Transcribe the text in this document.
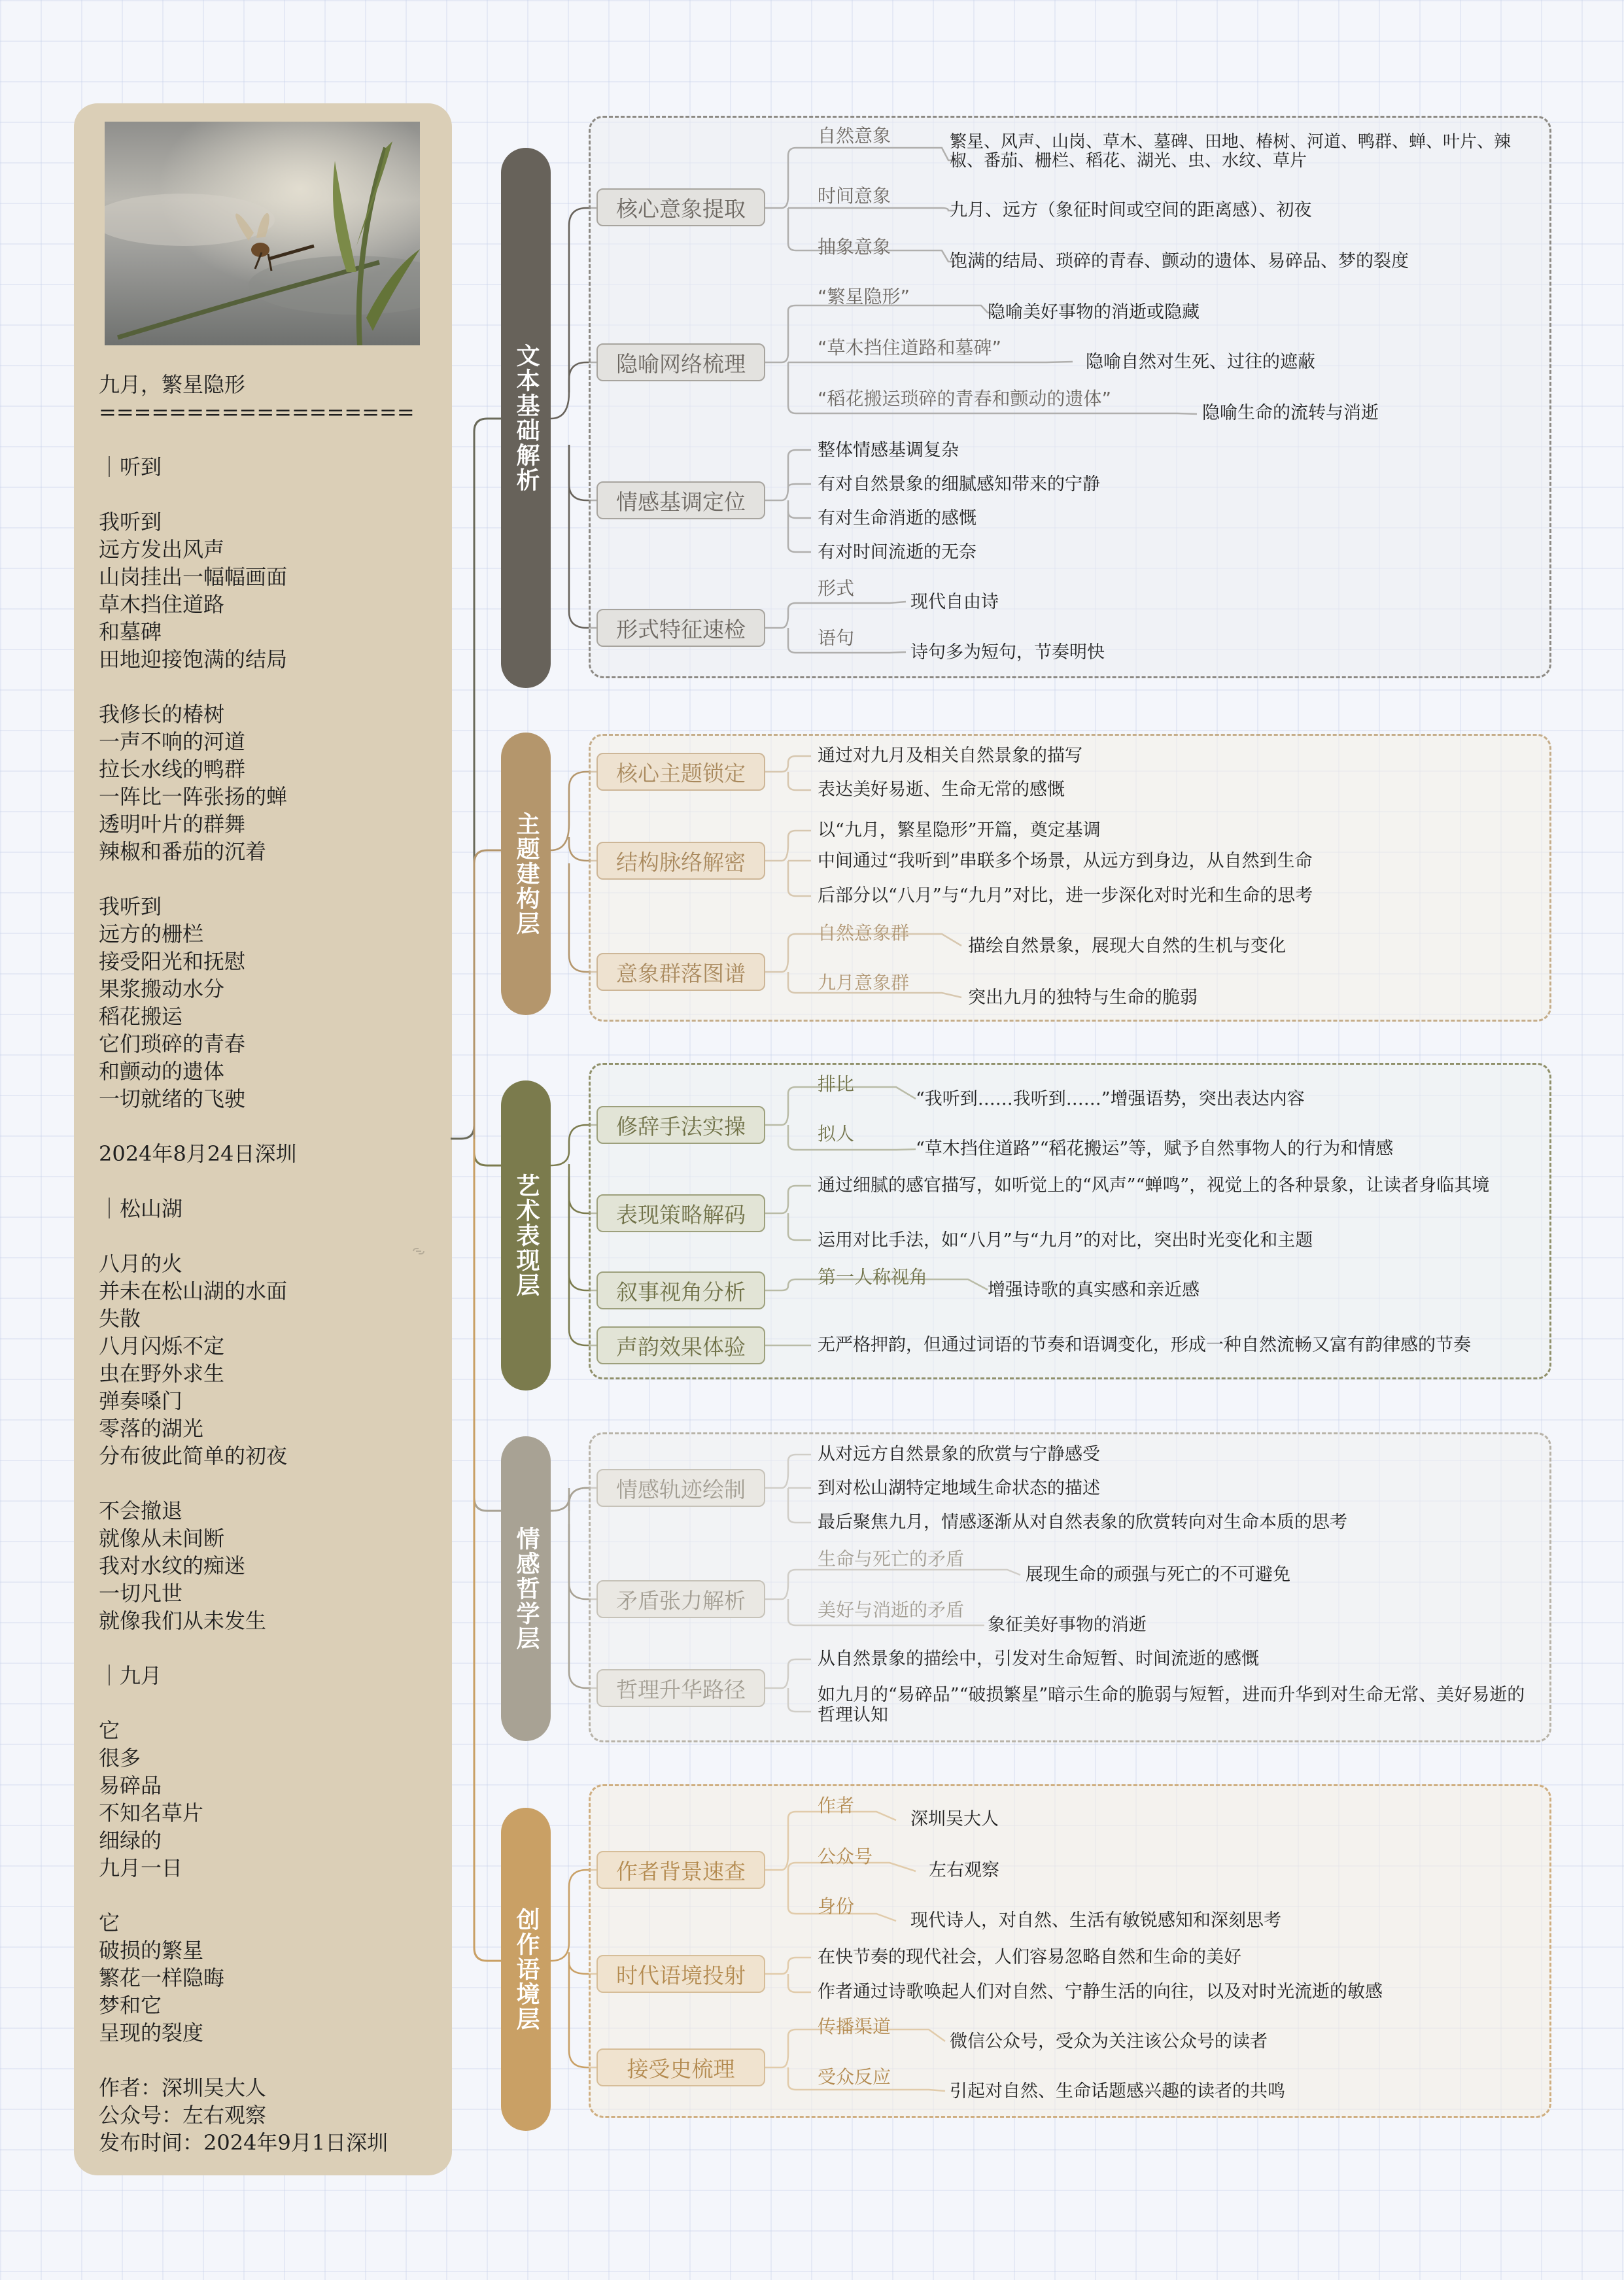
九月，繁星隐形
==================

｜听到

我听到
远方发出风声
山岗挂出一幅幅画面
草木挡住道路
和墓碑
田地迎接饱满的结局

我修长的椿树
一声不响的河道
拉长水线的鸭群
一阵比一阵张扬的蝉
透明叶片的群舞
辣椒和番茄的沉着

我听到
远方的栅栏
接受阳光和抚慰
果浆搬动水分
稻花搬运
它们琐碎的青春
和颤动的遗体
一切就绪的飞驶

2024年8月24日深圳

｜松山湖

八月的火
并未在松山湖的水面
失散
八月闪烁不定
虫在野外求生
弹奏嗓门
零落的湖光
分布彼此简单的初夜

不会撤退
就像从未间断
我对水纹的痴迷
一切凡世
就像我们从未发生

｜九月

它
很多
易碎品
不知名草片
细绿的
九月一日

它
破损的繁星
繁花一样隐晦
梦和它
呈现的裂度

作者：深圳吴大人
公众号：左右观察
发布时间：2024年9月1日深圳
文本基础解析
核心意象提取
自然意象	繁星、风声、山岗、草木、墓碑、田地、椿树、河道、鸭群、蝉、叶片、辣椒、番茄、栅栏、稻花、湖光、虫、水纹、草片
时间意象
九月、远方（象征时间或空间的距离感）、初夜
抽象意象
饱满的结局、琐碎的青春、颤动的遗体、易碎品、梦的裂度
隐喻网络梳理
“繁星隐形”
隐喻美好事物的消逝或隐藏
“草木挡住道路和墓碑”
隐喻自然对生死、过往的遮蔽
“稻花搬运琐碎的青春和颤动的遗体”
隐喻生命的流转与消逝
情感基调定位
整体情感基调复杂
有对自然景象的细腻感知带来的宁静
有对生命消逝的感慨
有对时间流逝的无奈
形式特征速检
形式
现代自由诗
语句
诗句多为短句，节奏明快
主题建构层
核心主题锁定
通过对九月及相关自然景象的描写
表达美好易逝、生命无常的感慨
结构脉络解密
以“九月，繁星隐形”开篇，奠定基调
中间通过“我听到”串联多个场景，从远方到身边，从自然到生命
后部分以“八月”与“九月”对比，进一步深化对时光和生命的思考
意象群落图谱
自然意象群
描绘自然景象，展现大自然的生机与变化
九月意象群
突出九月的独特与生命的脆弱
艺术表现层
修辞手法实操
排比
“我听到……我听到……”增强语势，突出表达内容
拟人
“草木挡住道路”“稻花搬运”等，赋予自然事物人的行为和情感
表现策略解码
通过细腻的感官描写，如听觉上的“风声”“蝉鸣”，视觉上的各种景象，让读者身临其境
运用对比手法，如“八月”与“九月”的对比，突出时光变化和主题
叙事视角分析
第一人称视角
增强诗歌的真实感和亲近感
声韵效果体验	无严格押韵，但通过词语的节奏和语调变化，形成一种自然流畅又富有韵律感的节奏
情感哲学层
情感轨迹绘制
从对远方自然景象的欣赏与宁静感受
到对松山湖特定地域生命状态的描述
最后聚焦九月，情感逐渐从对自然表象的欣赏转向对生命本质的思考
矛盾张力解析
生命与死亡的矛盾
展现生命的顽强与死亡的不可避免
美好与消逝的矛盾
象征美好事物的消逝
哲理升华路径
从自然景象的描绘中，引发对生命短暂、时间流逝的感慨
如九月的“易碎品”“破损繁星”暗示生命的脆弱与短暂，进而升华到对生命无常、美好易逝的哲理认知
创作语境层
作者背景速查
作者
深圳吴大人
公众号
左右观察
身份
现代诗人，对自然、生活有敏锐感知和深刻思考
时代语境投射
在快节奏的现代社会，人们容易忽略自然和生命的美好
作者通过诗歌唤起人们对自然、宁静生活的向往，以及对时光流逝的敏感
接受史梳理
传播渠道
微信公众号，受众为关注该公众号的读者
受众反应
引起对自然、生命话题感兴趣的读者的共鸣
